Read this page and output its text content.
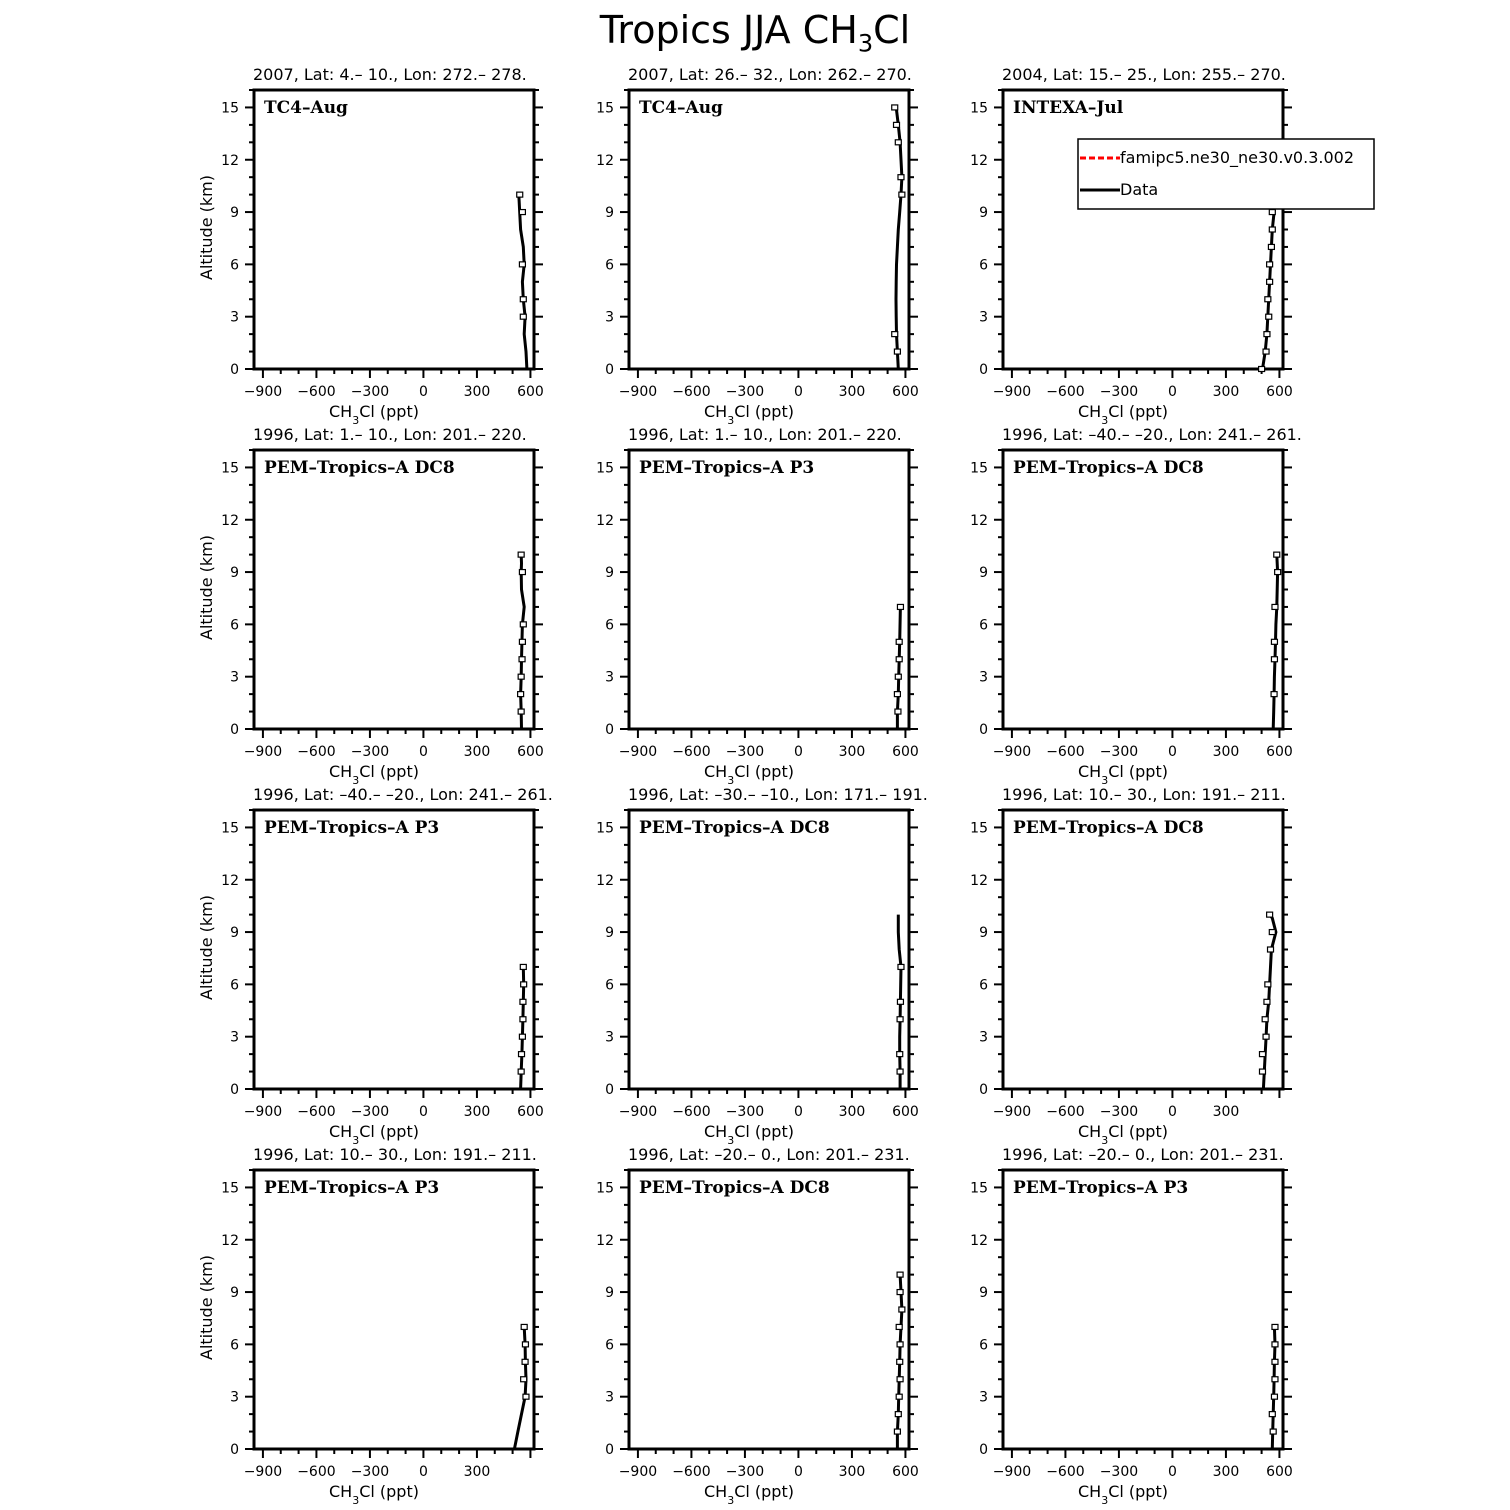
Tropics JJA $CH_3Cl$
0
3
6
9
12
15
−900 −600 −300 0	300 600
2007, Lat: 4.– 10., Lon: 272.– 278.
TC4–Aug
$CH_3Cl$ (ppt)
Altitude (km)
0
3
6
9
12
15
−900 −600 −300 0	300 600
2007, Lat: 26.– 32., Lon: 262.– 270.
TC4–Aug
$CH_3Cl$ (ppt)
0
3
6
9
12
15
−900 −600 −300 0	300 600
2004, Lat: 15.– 25., Lon: 255.– 270.
INTEXA–Jul
$CH_3Cl$ (ppt)
0
3
6
9
12
15
−900 −600 −300 0	300 600
1996, Lat: 1.– 10., Lon: 201.– 220.
PEM–Tropics–A DC8
$CH_3Cl$ (ppt)
Altitude (km)
0
3
6
9
12
15
−900 −600 −300 0	300 600
1996, Lat: 1.– 10., Lon: 201.– 220.
PEM–Tropics–A P3
$CH_3Cl$ (ppt)
0
3
6
9
12
15
−900 −600 −300 0	300 600
1996, Lat: –40.– –20., Lon: 241.– 261.
PEM–Tropics–A DC8
$CH_3Cl$ (ppt)
0
3
6
9
12
15
−900 −600 −300 0	300 600
1996, Lat: –40.– –20., Lon: 241.– 261.
PEM–Tropics–A P3
$CH_3Cl$ (ppt)
Altitude (km)
0
3
6
9
12
15
−900 −600 −300 0	300 600
1996, Lat: –30.– –10., Lon: 171.– 191.
PEM–Tropics–A DC8
$CH_3Cl$ (ppt)
0
3
6
9
12
15
−900 −600 −300 0	300
1996, Lat: 10.– 30., Lon: 191.– 211.
PEM–Tropics–A DC8
$CH_3Cl$ (ppt)
0
3
6
9
12
15
−900 −600 −300 0	300
1996, Lat: 10.– 30., Lon: 191.– 211.
PEM–Tropics–A P3
$CH_3Cl$ (ppt)
Altitude (km)
0
3
6
9
12
15
−900 −600 −300 0	300 600
1996, Lat: –20.– 0., Lon: 201.– 231.
PEM–Tropics–A DC8
$CH_3Cl$ (ppt)
0
3
6
9
12
15
−900 −600 −300 0	300 600
1996, Lat: –20.– 0., Lon: 201.– 231.
PEM–Tropics–A P3
$CH_3Cl$ (ppt)
famipc5.ne30_ne30.v0.3.002
Data
